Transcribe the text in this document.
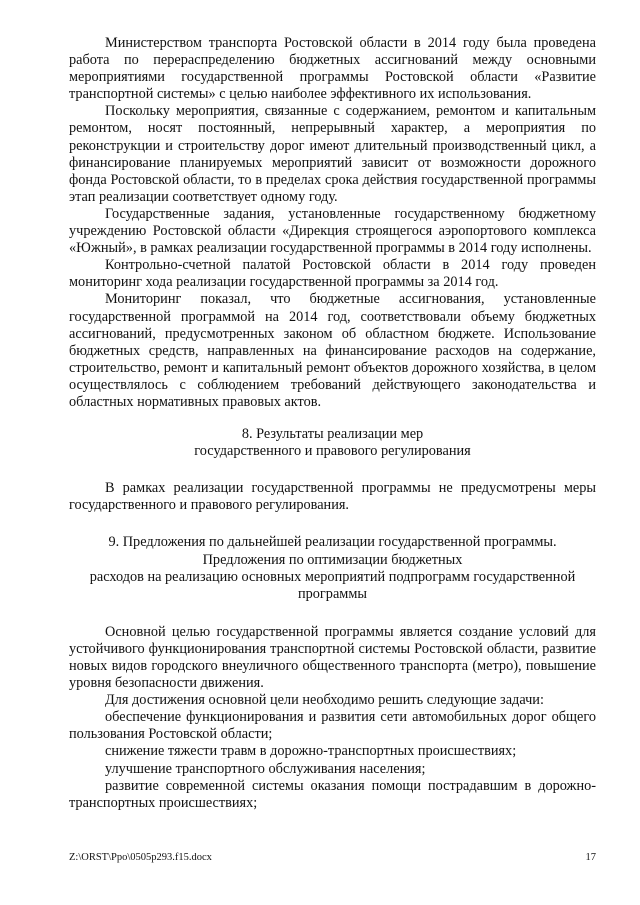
Министерством транспорта Ростовской области в 2014 году была проведена работа по перераспределению бюджетных ассигнований между основными мероприятиями государственной программы Ростовской области «Развитие транспортной системы» с целью наиболее эффективного их использования.

Поскольку мероприятия, связанные с содержанием, ремонтом и капитальным ремонтом, носят постоянный, непрерывный характер, а мероприятия по реконструкции и строительству дорог имеют длительный производственный цикл, а финансирование планируемых мероприятий зависит от возможности дорожного фонда Ростовской области, то в пределах срока действия государственной программы этап реализации соответствует одному году.

Государственные задания, установленные государственному бюджетному учреждению Ростовской области «Дирекция строящегося аэропортового комплекса «Южный», в рамках реализации государственной программы в 2014 году исполнены.

Контрольно-счетной палатой Ростовской области в 2014 году проведен мониторинг хода реализации государственной программы за 2014 год.

Мониторинг показал, что бюджетные ассигнования, установленные государственной программой на 2014 год, соответствовали объему бюджетных ассигнований, предусмотренных законом об областном бюджете. Использование бюджетных средств, направленных на финансирование расходов на содержание, строительство, ремонт и капитальный ремонт объектов дорожного хозяйства, в целом осуществлялось с соблюдением требований действующего законодательства и областных нормативных правовых актов.

8. Результаты реализации мер

государственного и правового регулирования

В рамках реализации государственной программы не предусмотрены меры государственного и правового регулирования.

9. Предложения по дальнейшей реализации государственной программы.

Предложения по оптимизации бюджетных

расходов на реализацию основных мероприятий подпрограмм государственной программы

Основной целью государственной программы является создание условий для устойчивого функционирования транспортной системы Ростовской области, развитие новых видов городского внеуличного общественного транспорта (метро), повышение уровня безопасности движения.

Для достижения основной цели необходимо решить следующие задачи:

обеспечение функционирования и развития сети автомобильных дорог общего пользования Ростовской области;

снижение тяжести травм в дорожно-транспортных происшествиях;

улучшение транспортного обслуживания населения;

развитие современной системы оказания помощи пострадавшим в дорожно-транспортных происшествиях;

Z:\ORST\Ppo\0505p293.f15.docx	17
